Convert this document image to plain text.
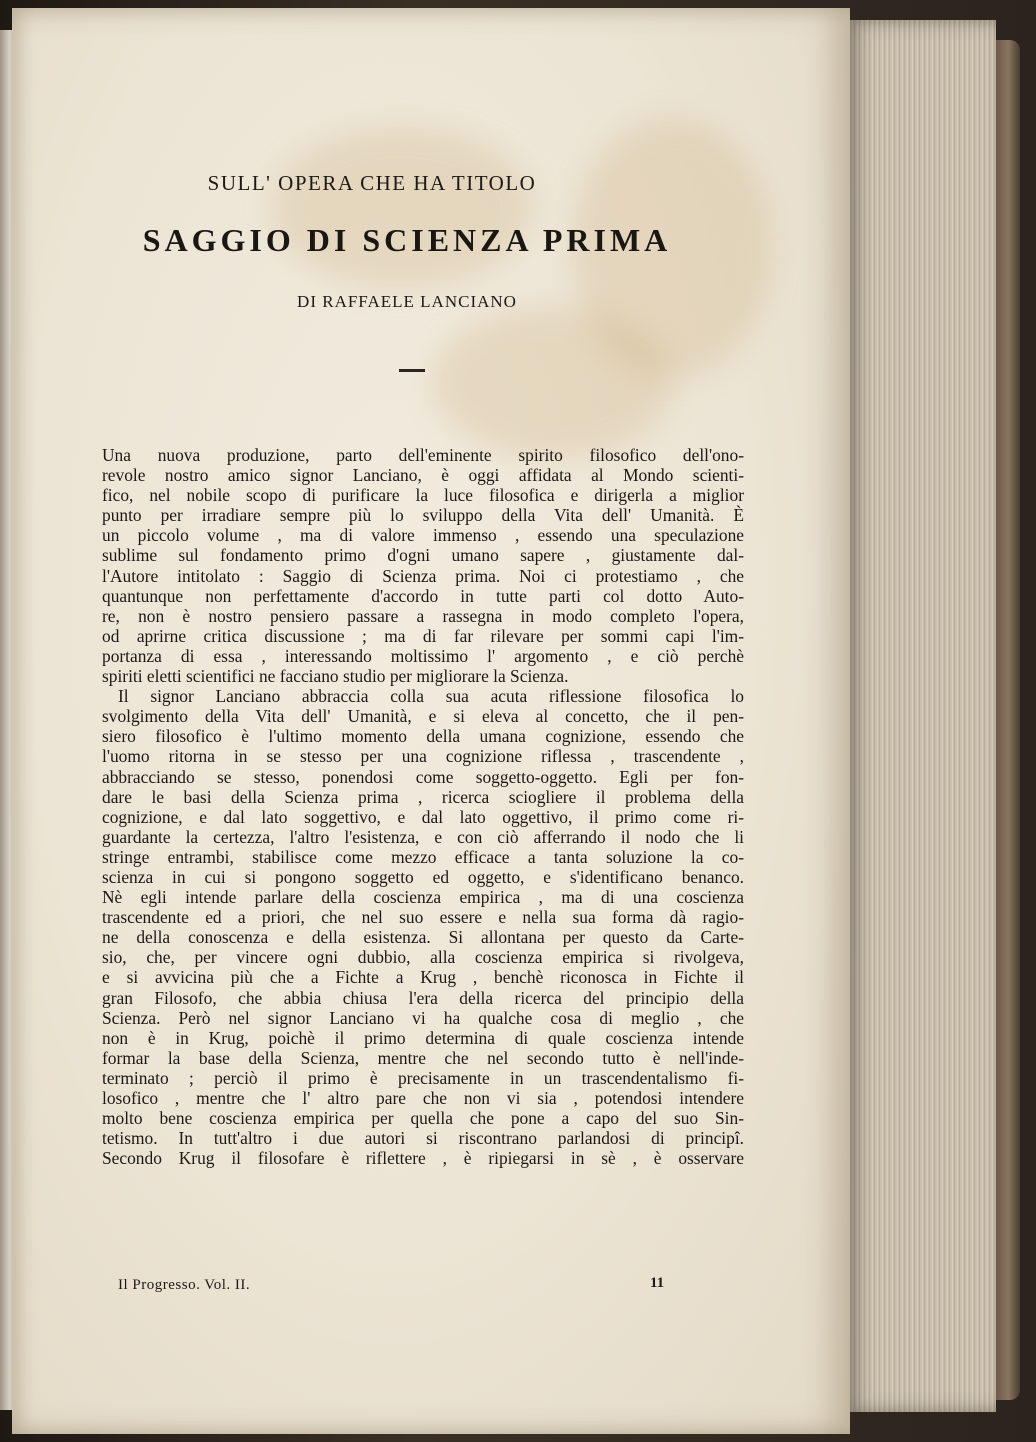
SULL' OPERA CHE HA TITOLO
SAGGIO DI SCIENZA PRIMA
DI RAFFAELE LANCIANO
Una nuova produzione, parto dell'eminente spirito filosofico dell'ono-
revole nostro amico signor Lanciano, è oggi affidata al Mondo scienti-
fico, nel nobile scopo di purificare la luce filosofica e dirigerla a miglior
punto per irradiare sempre più lo sviluppo della Vita dell' Umanità. È
un piccolo volume , ma di valore immenso , essendo una speculazione
sublime sul fondamento primo d'ogni umano sapere , giustamente dal-
l'Autore intitolato : Saggio di Scienza prima. Noi ci protestiamo , che
quantunque non perfettamente d'accordo in tutte parti col dotto Auto-
re, non è nostro pensiero passare a rassegna in modo completo l'opera,
od aprirne critica discussione ; ma di far rilevare per sommi capi l'im-
portanza di essa , interessando moltissimo l' argomento , e ciò perchè
spiriti eletti scientifici ne facciano studio per migliorare la Scienza.
Il signor Lanciano abbraccia colla sua acuta riflessione filosofica lo
svolgimento della Vita dell' Umanità, e si eleva al concetto, che il pen-
siero filosofico è l'ultimo momento della umana cognizione, essendo che
l'uomo ritorna in se stesso per una cognizione riflessa , trascendente ,
abbracciando se stesso, ponendosi come soggetto-oggetto. Egli per fon-
dare le basi della Scienza prima , ricerca sciogliere il problema della
cognizione, e dal lato soggettivo, e dal lato oggettivo, il primo come ri-
guardante la certezza, l'altro l'esistenza, e con ciò afferrando il nodo che li
stringe entrambi, stabilisce come mezzo efficace a tanta soluzione la co-
scienza in cui si pongono soggetto ed oggetto, e s'identificano benanco.
Nè egli intende parlare della coscienza empirica , ma di una coscienza
trascendente ed a priori, che nel suo essere e nella sua forma dà ragio-
ne della conoscenza e della esistenza. Si allontana per questo da Carte-
sio, che, per vincere ogni dubbio, alla coscienza empirica si rivolgeva,
e si avvicina più che a Fichte a Krug , benchè riconosca in Fichte il
gran Filosofo, che abbia chiusa l'era della ricerca del principio della
Scienza. Però nel signor Lanciano vi ha qualche cosa di meglio , che
non è in Krug, poichè il primo determina di quale coscienza intende
formar la base della Scienza, mentre che nel secondo tutto è nell'inde-
terminato ; perciò il primo è precisamente in un trascendentalismo fi-
losofico , mentre che l' altro pare che non vi sia , potendosi intendere
molto bene coscienza empirica per quella che pone a capo del suo Sin-
tetismo. In tutt'altro i due autori si riscontrano parlandosi di principî.
Secondo Krug il filosofare è riflettere , è ripiegarsi in sè , è osservare
Il Progresso. Vol. II.	11
